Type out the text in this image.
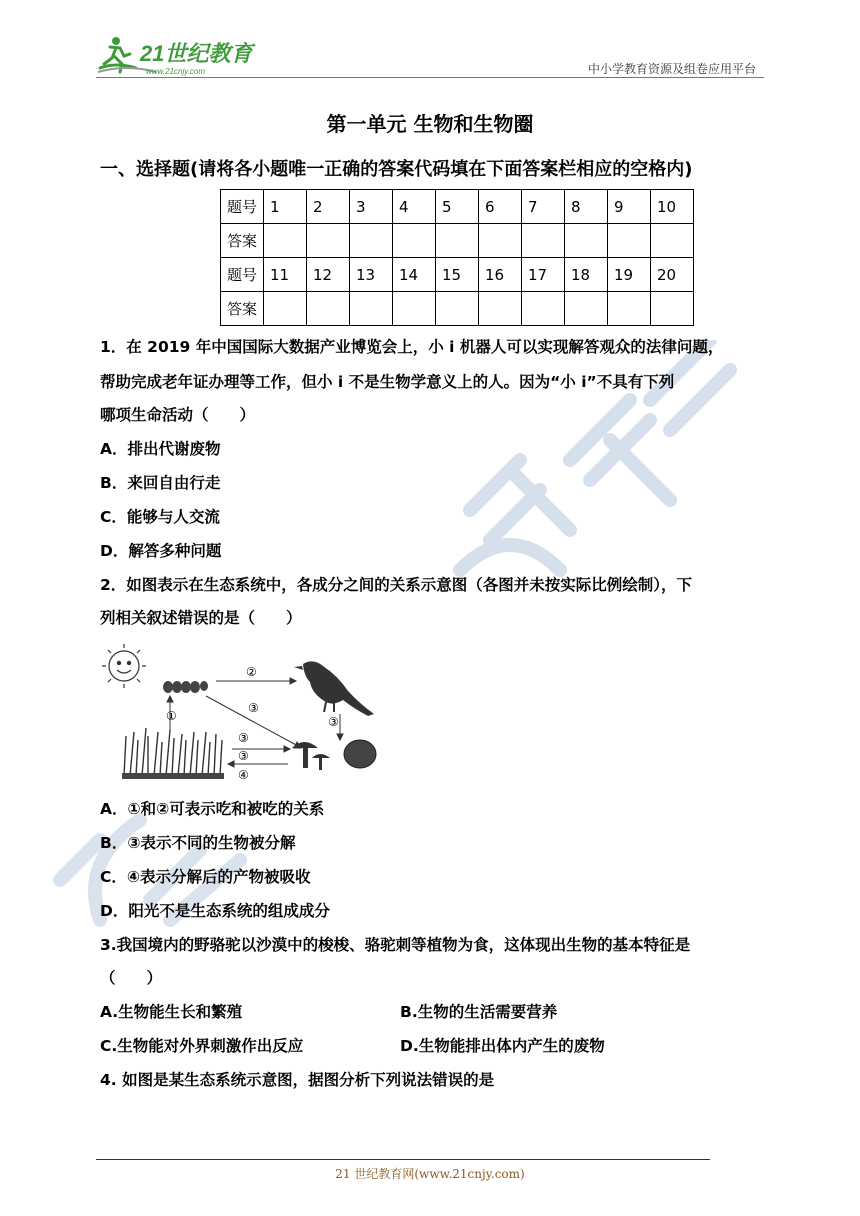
21世纪教育
www.21cnjy.com	中小学教育资源及组卷应用平台
第一单元 生物和生物圈
一、选择题(请将各小题唯一正确的答案代码填在下面答案栏相应的空格内)
题号	1	2	3	4	5	6	7	8	9	10
答案										
题号	11	12	13	14	15	16	17	18	19	20
答案										
1．在 2019 年中国国际大数据产业博览会上，小 i 机器人可以实现解答观众的法律问题，
帮助完成老年证办理等工作，但小 i 不是生物学意义上的人。因为“小 i”不具有下列
哪项生命活动（　　）
A．排出代谢废物
B．来回自由行走
C．能够与人交流
D．解答多种问题
2．如图表示在生态系统中，各成分之间的关系示意图（各图并未按实际比例绘制），下
列相关叙述错误的是（　　）
②
③
①	③
③
③
④
A．①和②可表示吃和被吃的关系
B．③表示不同的生物被分解
C．④表示分解后的产物被吸收
D．阳光不是生态系统的组成成分
3.我国境内的野骆驼以沙漠中的梭梭、骆驼刺等植物为食，这体现出生物的基本特征是
（　　）
A.生物能生长和繁殖	B.生物的生活需要营养
C.生物能对外界刺激作出反应	D.生物能排出体内产生的废物
4. 如图是某生态系统示意图，据图分析下列说法错误的是
21 世纪教育网(www.21cnjy.com)
